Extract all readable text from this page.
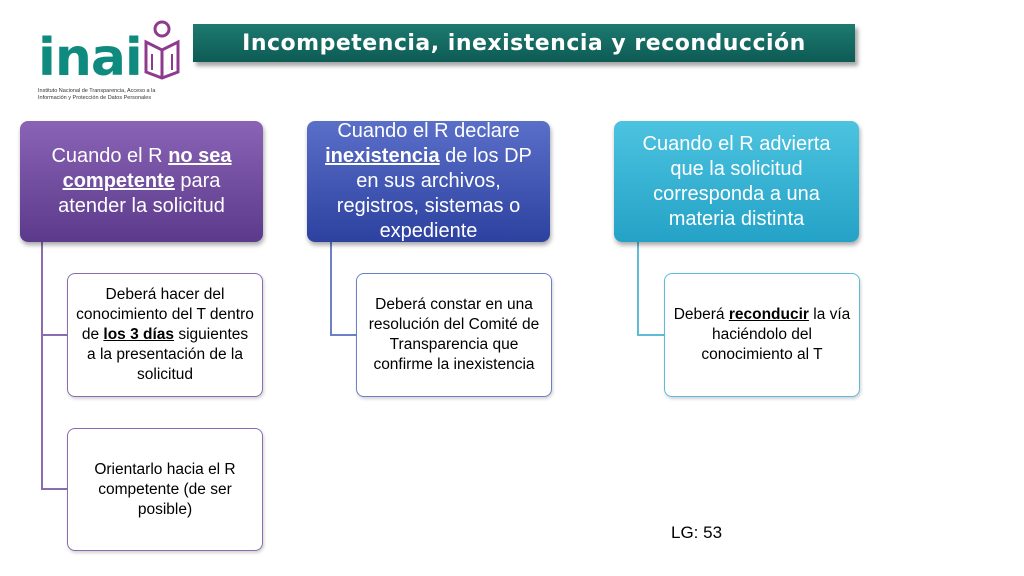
inai
Instituto Nacional de Transparencia, Acceso a la Información y Protección de Datos Personales
Incompetencia, inexistencia y reconducción
Cuando el R no sea competente para atender la solicitud
Deberá hacer del conocimiento del T dentro de los 3 días siguientes a la presentación de la solicitud
Orientarlo hacia el R competente (de ser posible)
Cuando el R declare inexistencia de los DP en sus archivos, registros, sistemas o expediente
Deberá constar en una resolución del Comité de Transparencia que confirme la inexistencia
Cuando el R advierta que la solicitud corresponda a una materia distinta
Deberá reconducir la vía haciéndolo del conocimiento al T
LG: 53
